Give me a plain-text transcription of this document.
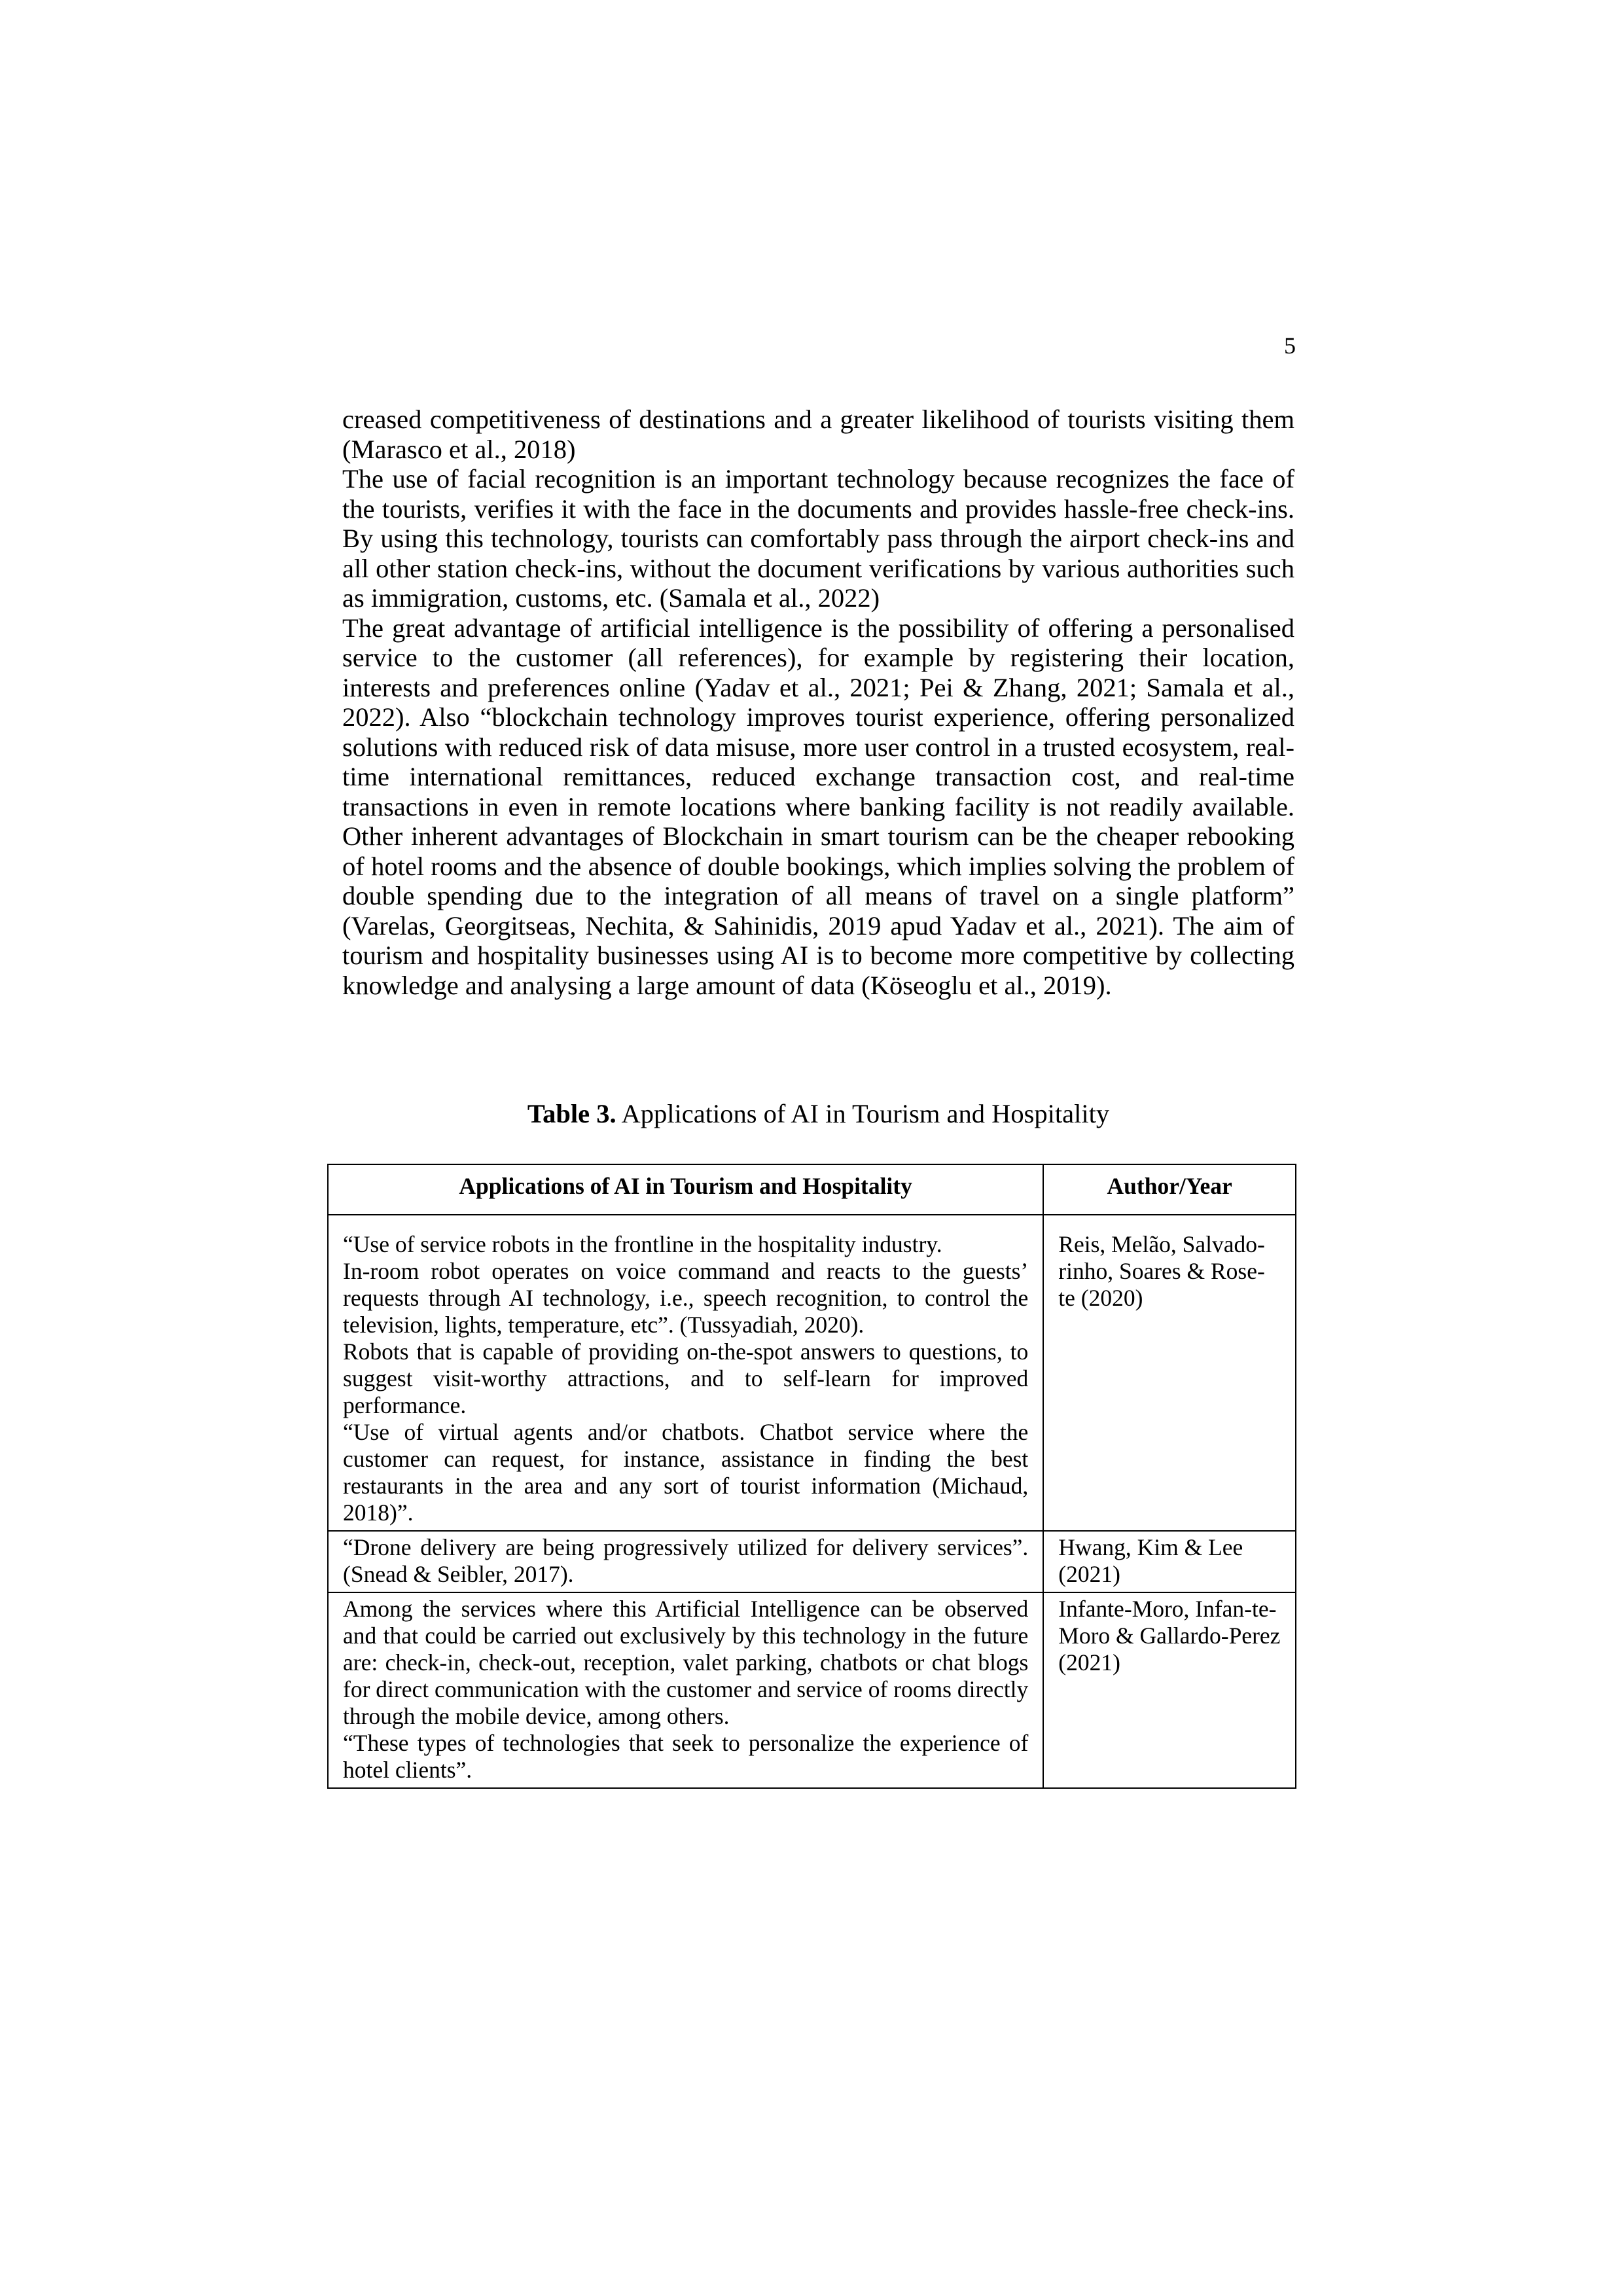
5

creased competitiveness of destinations and a greater likelihood of tourists visiting them (Marasco et al., 2018)

The use of facial recognition is an important technology because recognizes the face of the tourists, verifies it with the face in the documents and provides hassle-free check-ins. By using this technology, tourists can comfortably pass through the airport check-ins and all other station check-ins, without the document verifications by various authorities such as immigration, customs, etc. (Samala et al., 2022)

The great advantage of artificial intelligence is the possibility of offering a personalised service to the customer (all references), for example by registering their location, interests and preferences online (Yadav et al., 2021; Pei & Zhang, 2021; Samala et al., 2022). Also “blockchain technology improves tourist experience, offering personalized solutions with reduced risk of data misuse, more user control in a trusted ecosystem, real-time international remittances, reduced exchange transaction cost, and real-time transactions in even in remote locations where banking facility is not readily available. Other inherent advantages of Blockchain in smart tourism can be the cheaper rebooking of hotel rooms and the absence of double bookings, which implies solving the problem of double spending due to the integration of all means of travel on a single platform” (Varelas, Georgitseas, Nechita, & Sahinidis, 2019 apud Yadav et al., 2021). The aim of tourism and hospitality businesses using AI is to become more competitive by collecting knowledge and analysing a large amount of data (Köseoglu et al., 2019).

Table 3. Applications of AI in Tourism and Hospitality
Applications of AI in Tourism and Hospitality	Author/Year

“Use of service robots in the frontline in the hospitality industry.
In-room robot operates on voice command and reacts to the guests’ requests through AI technology, i.e., speech recognition, to control the television, lights, temperature, etc”. (Tussyadiah, 2020).
Robots that is capable of providing on-the-spot answers to questions, to suggest visit-worthy attractions, and to self-learn for improved performance.
“Use of virtual agents and/or chatbots. Chatbot service where the customer can request, for instance, assistance in finding the best restaurants in the area and any sort of tourist information (Michaud, 2018)”.	Reis, Melão, Salvado-rinho, Soares & Rose-te (2020)

“Drone delivery are being progressively utilized for delivery services”. (Snead & Seibler, 2017).	Hwang, Kim & Lee (2021)

Among the services where this Artificial Intelligence can be observed and that could be carried out exclusively by this technology in the future are: check-in, check-out, reception, valet parking, chatbots or chat blogs for direct communication with the customer and service of rooms directly through the mobile device, among others.
“These types of technologies that seek to personalize the experience of hotel clients”.	Infante-Moro, Infan-te-Moro & Gallardo-Perez (2021)
